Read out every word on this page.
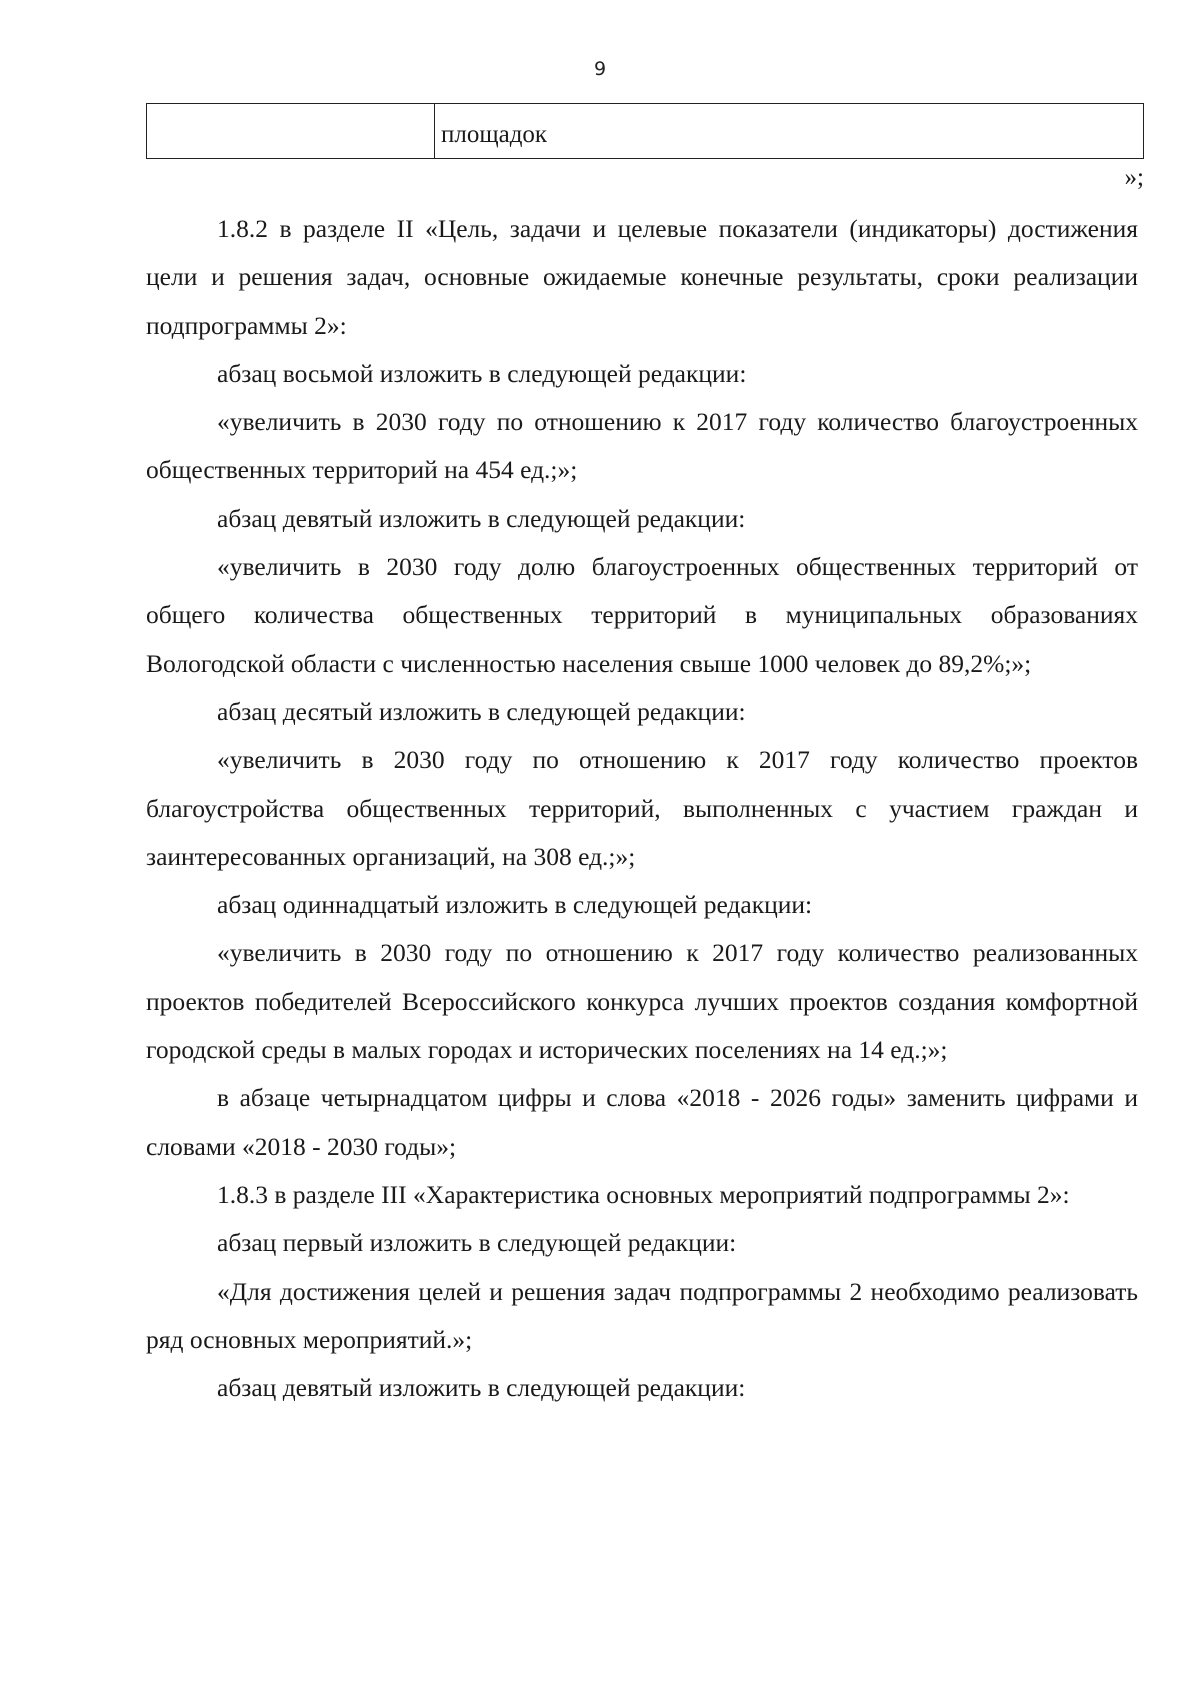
9
площадок
»;

1.8.2 в разделе II «Цель, задачи и целевые показатели (индикаторы) достижения цели и решения задач, основные ожидаемые конечные результаты, сроки реализации подпрограммы 2»:

абзац восьмой изложить в следующей редакции:

«увеличить в 2030 году по отношению к 2017 году количество благоустроенных общественных территорий на 454 ед.;»;

абзац девятый изложить в следующей редакции:

«увеличить в 2030 году долю благоустроенных общественных территорий от общего количества общественных территорий в муниципальных образованиях Вологодской области с численностью населения свыше 1000 человек до 89,2%;»;

абзац десятый изложить в следующей редакции:

«увеличить в 2030 году по отношению к 2017 году количество проектов благоустройства общественных территорий, выполненных с участием граждан и заинтересованных организаций, на 308 ед.;»;

абзац одиннадцатый изложить в следующей редакции:

«увеличить в 2030 году по отношению к 2017 году количество реализованных проектов победителей Всероссийского конкурса лучших проектов создания комфортной городской среды в малых городах и исторических поселениях на 14 ед.;»;

в абзаце четырнадцатом цифры и слова «2018 - 2026 годы» заменить цифрами и словами «2018 - 2030 годы»;

1.8.3 в разделе III «Характеристика основных мероприятий подпрограммы 2»:

абзац первый изложить в следующей редакции:

«Для достижения целей и решения задач подпрограммы 2 необходимо реализовать ряд основных мероприятий.»;

абзац девятый изложить в следующей редакции:
